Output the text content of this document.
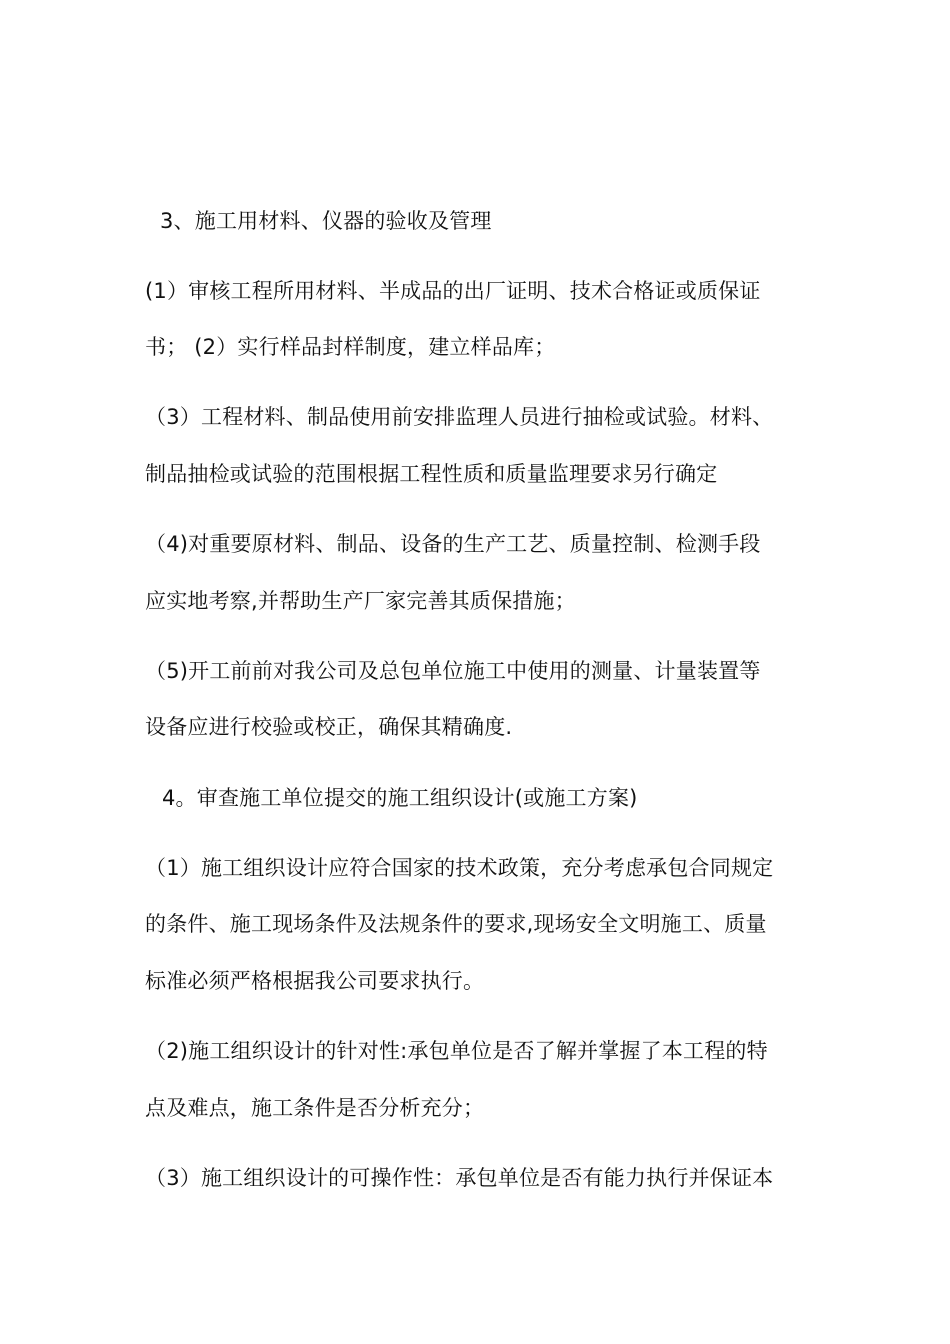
3、施工用材料、仪器的验收及管理
(1）审核工程所用材料、半成品的出厂证明、技术合格证或质保证
书； (2）实行样品封样制度，建立样品库；
（3）工程材料、制品使用前安排监理人员进行抽检或试验。材料、
制品抽检或试验的范围根据工程性质和质量监理要求另行确定
（4)对重要原材料、制品、设备的生产工艺、质量控制、检测手段
应实地考察,并帮助生产厂家完善其质保措施；
（5)开工前前对我公司及总包单位施工中使用的测量、计量装置等
设备应进行校验或校正，确保其精确度.
4。审查施工单位提交的施工组织设计(或施工方案)
（1）施工组织设计应符合国家的技术政策，充分考虑承包合同规定
的条件、施工现场条件及法规条件的要求,现场安全文明施工、质量
标准必须严格根据我公司要求执行。
（2)施工组织设计的针对性:承包单位是否了解并掌握了本工程的特
点及难点，施工条件是否分析充分；
（3）施工组织设计的可操作性：承包单位是否有能力执行并保证本
